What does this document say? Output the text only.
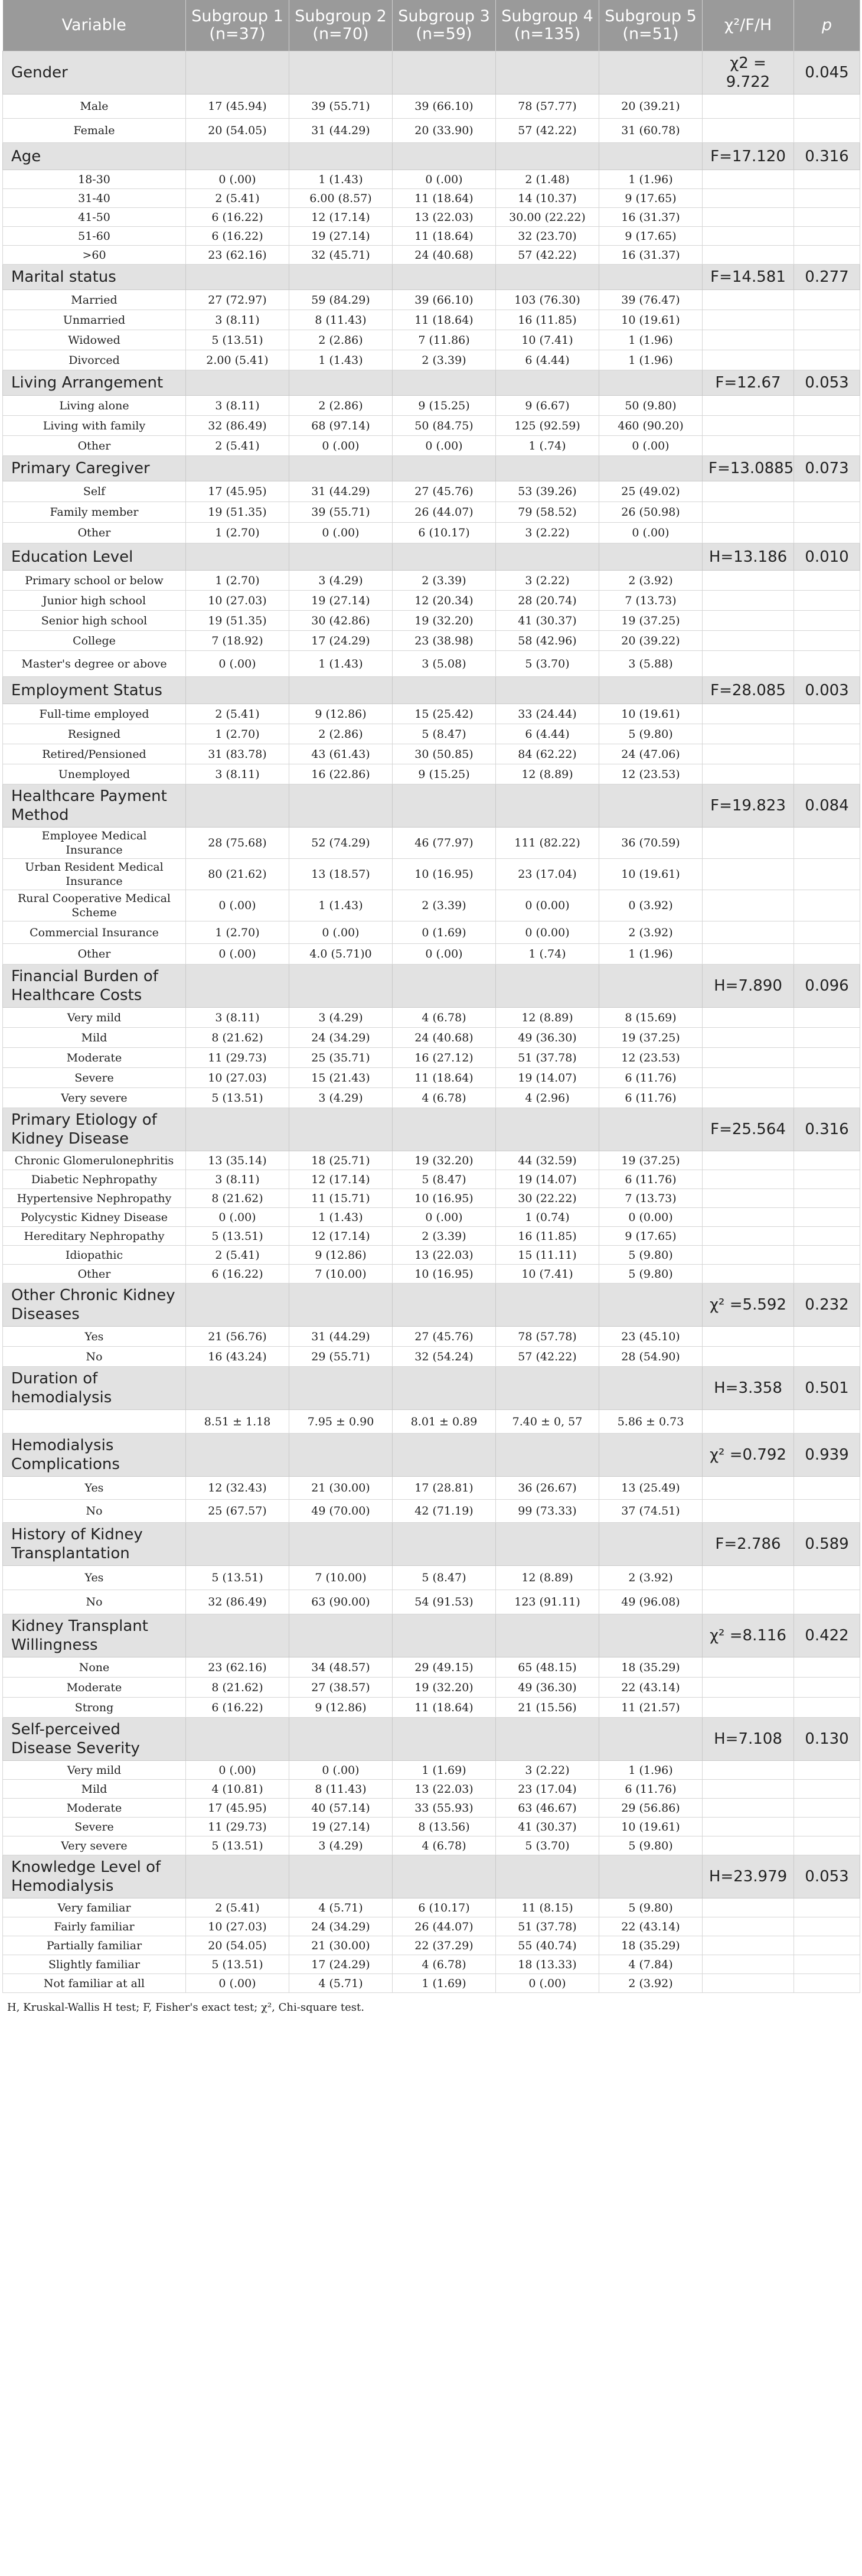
Variable	Subgroup 1 (n=37)	Subgroup 2 (n=70)	Subgroup 3 (n=59)	Subgroup 4 (n=135)	Subgroup 5 (n=51)	χ²/F/H	p
Gender						χ2 = 9.722	0.045
Male	17 (45.94)	39 (55.71)	39 (66.10)	78 (57.77)	20 (39.21)		
Female	20 (54.05)	31 (44.29)	20 (33.90)	57 (42.22)	31 (60.78)		
Age						F=17.120	0.316
18-30	0 (.00)	1 (1.43)	0 (.00)	2 (1.48)	1 (1.96)		
31-40	2 (5.41)	6.00 (8.57)	11 (18.64)	14 (10.37)	9 (17.65)		
41-50	6 (16.22)	12 (17.14)	13 (22.03)	30.00 (22.22)	16 (31.37)		
51-60	6 (16.22)	19 (27.14)	11 (18.64)	32 (23.70)	9 (17.65)		
>60	23 (62.16)	32 (45.71)	24 (40.68)	57 (42.22)	16 (31.37)		
Marital status						F=14.581	0.277
Married	27 (72.97)	59 (84.29)	39 (66.10)	103 (76.30)	39 (76.47)		
Unmarried	3 (8.11)	8 (11.43)	11 (18.64)	16 (11.85)	10 (19.61)		
Widowed	5 (13.51)	2 (2.86)	7 (11.86)	10 (7.41)	1 (1.96)		
Divorced	2.00 (5.41)	1 (1.43)	2 (3.39)	6 (4.44)	1 (1.96)		
Living Arrangement						F=12.67	0.053
Living alone	3 (8.11)	2 (2.86)	9 (15.25)	9 (6.67)	50 (9.80)		
Living with family	32 (86.49)	68 (97.14)	50 (84.75)	125 (92.59)	460 (90.20)		
Other	2 (5.41)	0 (.00)	0 (.00)	1 (.74)	0 (.00)		
Primary Caregiver						F=13.0885	0.073
Self	17 (45.95)	31 (44.29)	27 (45.76)	53 (39.26)	25 (49.02)		
Family member	19 (51.35)	39 (55.71)	26 (44.07)	79 (58.52)	26 (50.98)		
Other	1 (2.70)	0 (.00)	6 (10.17)	3 (2.22)	0 (.00)		
Education Level						H=13.186	0.010
Primary school or below	1 (2.70)	3 (4.29)	2 (3.39)	3 (2.22)	2 (3.92)		
Junior high school	10 (27.03)	19 (27.14)	12 (20.34)	28 (20.74)	7 (13.73)		
Senior high school	19 (51.35)	30 (42.86)	19 (32.20)	41 (30.37)	19 (37.25)		
College	7 (18.92)	17 (24.29)	23 (38.98)	58 (42.96)	20 (39.22)		
Master's degree or above	0 (.00)	1 (1.43)	3 (5.08)	5 (3.70)	3 (5.88)		
Employment Status						F=28.085	0.003
Full-time employed	2 (5.41)	9 (12.86)	15 (25.42)	33 (24.44)	10 (19.61)		
Resigned	1 (2.70)	2 (2.86)	5 (8.47)	6 (4.44)	5 (9.80)		
Retired/Pensioned	31 (83.78)	43 (61.43)	30 (50.85)	84 (62.22)	24 (47.06)		
Unemployed	3 (8.11)	16 (22.86)	9 (15.25)	12 (8.89)	12 (23.53)		
Healthcare Payment Method						F=19.823	0.084
Employee Medical Insurance	28 (75.68)	52 (74.29)	46 (77.97)	111 (82.22)	36 (70.59)		
Urban Resident Medical Insurance	80 (21.62)	13 (18.57)	10 (16.95)	23 (17.04)	10 (19.61)		
Rural Cooperative Medical Scheme	0 (.00)	1 (1.43)	2 (3.39)	0 (0.00)	0 (3.92)		
Commercial Insurance	1 (2.70)	0 (.00)	0 (1.69)	0 (0.00)	2 (3.92)		
Other	0 (.00)	4.0 (5.71)0	0 (.00)	1 (.74)	1 (1.96)		
Financial Burden of Healthcare Costs						H=7.890	0.096
Very mild	3 (8.11)	3 (4.29)	4 (6.78)	12 (8.89)	8 (15.69)		
Mild	8 (21.62)	24 (34.29)	24 (40.68)	49 (36.30)	19 (37.25)		
Moderate	11 (29.73)	25 (35.71)	16 (27.12)	51 (37.78)	12 (23.53)		
Severe	10 (27.03)	15 (21.43)	11 (18.64)	19 (14.07)	6 (11.76)		
Very severe	5 (13.51)	3 (4.29)	4 (6.78)	4 (2.96)	6 (11.76)		
Primary Etiology of Kidney Disease						F=25.564	0.316
Chronic Glomerulonephritis	13 (35.14)	18 (25.71)	19 (32.20)	44 (32.59)	19 (37.25)		
Diabetic Nephropathy	3 (8.11)	12 (17.14)	5 (8.47)	19 (14.07)	6 (11.76)		
Hypertensive Nephropathy	8 (21.62)	11 (15.71)	10 (16.95)	30 (22.22)	7 (13.73)		
Polycystic Kidney Disease	0 (.00)	1 (1.43)	0 (.00)	1 (0.74)	0 (0.00)		
Hereditary Nephropathy	5 (13.51)	12 (17.14)	2 (3.39)	16 (11.85)	9 (17.65)		
Idiopathic	2 (5.41)	9 (12.86)	13 (22.03)	15 (11.11)	5 (9.80)		
Other	6 (16.22)	7 (10.00)	10 (16.95)	10 (7.41)	5 (9.80)		
Other Chronic Kidney Diseases						χ² =5.592	0.232
Yes	21 (56.76)	31 (44.29)	27 (45.76)	78 (57.78)	23 (45.10)		
No	16 (43.24)	29 (55.71)	32 (54.24)	57 (42.22)	28 (54.90)		
Duration of hemodialysis						H=3.358	0.501
	8.51 ± 1.18	7.95 ± 0.90	8.01 ± 0.89	7.40 ± 0, 57	5.86 ± 0.73		
Hemodialysis Complications						χ² =0.792	0.939
Yes	12 (32.43)	21 (30.00)	17 (28.81)	36 (26.67)	13 (25.49)		
No	25 (67.57)	49 (70.00)	42 (71.19)	99 (73.33)	37 (74.51)		
History of Kidney Transplantation						F=2.786	0.589
Yes	5 (13.51)	7 (10.00)	5 (8.47)	12 (8.89)	2 (3.92)		
No	32 (86.49)	63 (90.00)	54 (91.53)	123 (91.11)	49 (96.08)		
Kidney Transplant Willingness						χ² =8.116	0.422
None	23 (62.16)	34 (48.57)	29 (49.15)	65 (48.15)	18 (35.29)		
Moderate	8 (21.62)	27 (38.57)	19 (32.20)	49 (36.30)	22 (43.14)		
Strong	6 (16.22)	9 (12.86)	11 (18.64)	21 (15.56)	11 (21.57)		
Self-perceived Disease Severity						H=7.108	0.130
Very mild	0 (.00)	0 (.00)	1 (1.69)	3 (2.22)	1 (1.96)		
Mild	4 (10.81)	8 (11.43)	13 (22.03)	23 (17.04)	6 (11.76)		
Moderate	17 (45.95)	40 (57.14)	33 (55.93)	63 (46.67)	29 (56.86)		
Severe	11 (29.73)	19 (27.14)	8 (13.56)	41 (30.37)	10 (19.61)		
Very severe	5 (13.51)	3 (4.29)	4 (6.78)	5 (3.70)	5 (9.80)		
Knowledge Level of Hemodialysis						H=23.979	0.053
Very familiar	2 (5.41)	4 (5.71)	6 (10.17)	11 (8.15)	5 (9.80)		
Fairly familiar	10 (27.03)	24 (34.29)	26 (44.07)	51 (37.78)	22 (43.14)		
Partially familiar	20 (54.05)	21 (30.00)	22 (37.29)	55 (40.74)	18 (35.29)		
Slightly familiar	5 (13.51)	17 (24.29)	4 (6.78)	18 (13.33)	4 (7.84)		
Not familiar at all	0 (.00)	4 (5.71)	1 (1.69)	0 (.00)	2 (3.92)		
H, Kruskal-Wallis H test; F, Fisher's exact test; χ², Chi-square test.
